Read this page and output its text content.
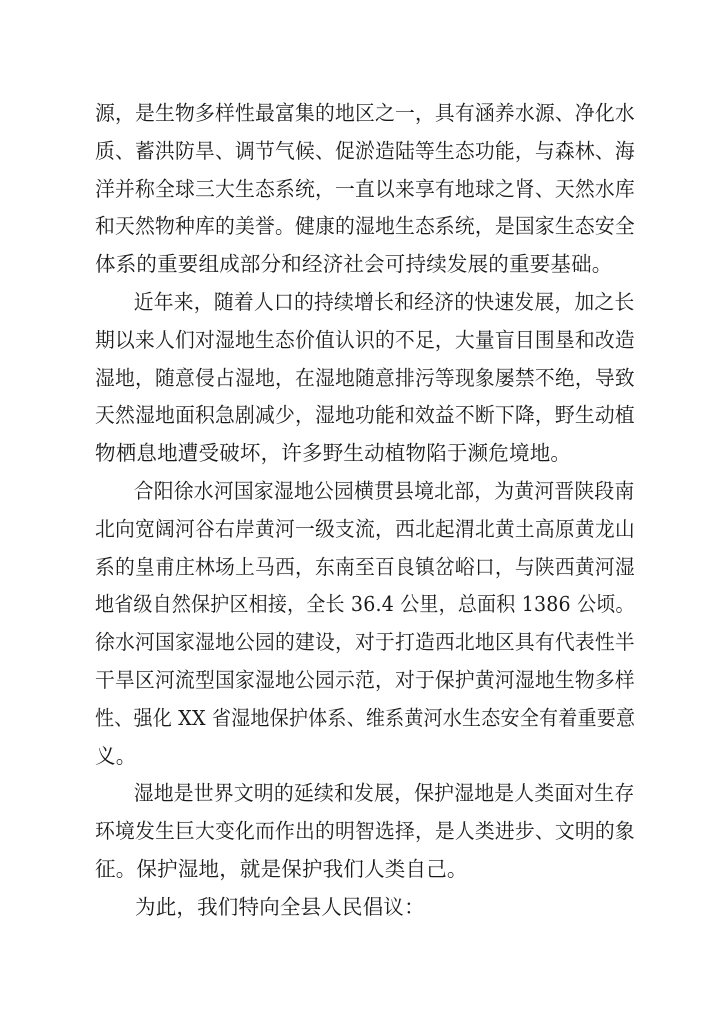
源，是生物多样性最富集的地区之一，具有涵养水源、净化水
质、蓄洪防旱、调节气候、促淤造陆等生态功能，与森林、海
洋并称全球三大生态系统，一直以来享有地球之肾、天然水库
和天然物种库的美誉。健康的湿地生态系统，是国家生态安全
体系的重要组成部分和经济社会可持续发展的重要基础。

近年来，随着人口的持续增长和经济的快速发展，加之长
期以来人们对湿地生态价值认识的不足，大量盲目围垦和改造
湿地，随意侵占湿地，在湿地随意排污等现象屡禁不绝，导致
天然湿地面积急剧减少，湿地功能和效益不断下降，野生动植
物栖息地遭受破坏，许多野生动植物陷于濒危境地。

合阳徐水河国家湿地公园横贯县境北部，为黄河晋陕段南
北向宽阔河谷右岸黄河一级支流，西北起渭北黄土高原黄龙山
系的皇甫庄林场上马西，东南至百良镇岔峪口，与陕西黄河湿
地省级自然保护区相接，全长 36.4 公里，总面积 1386 公顷。
徐水河国家湿地公园的建设，对于打造西北地区具有代表性半
干旱区河流型国家湿地公园示范，对于保护黄河湿地生物多样
性、强化 XX 省湿地保护体系、维系黄河水生态安全有着重要意
义。

湿地是世界文明的延续和发展，保护湿地是人类面对生存
环境发生巨大变化而作出的明智选择，是人类进步、文明的象
征。保护湿地，就是保护我们人类自己。

为此，我们特向全县人民倡议：
